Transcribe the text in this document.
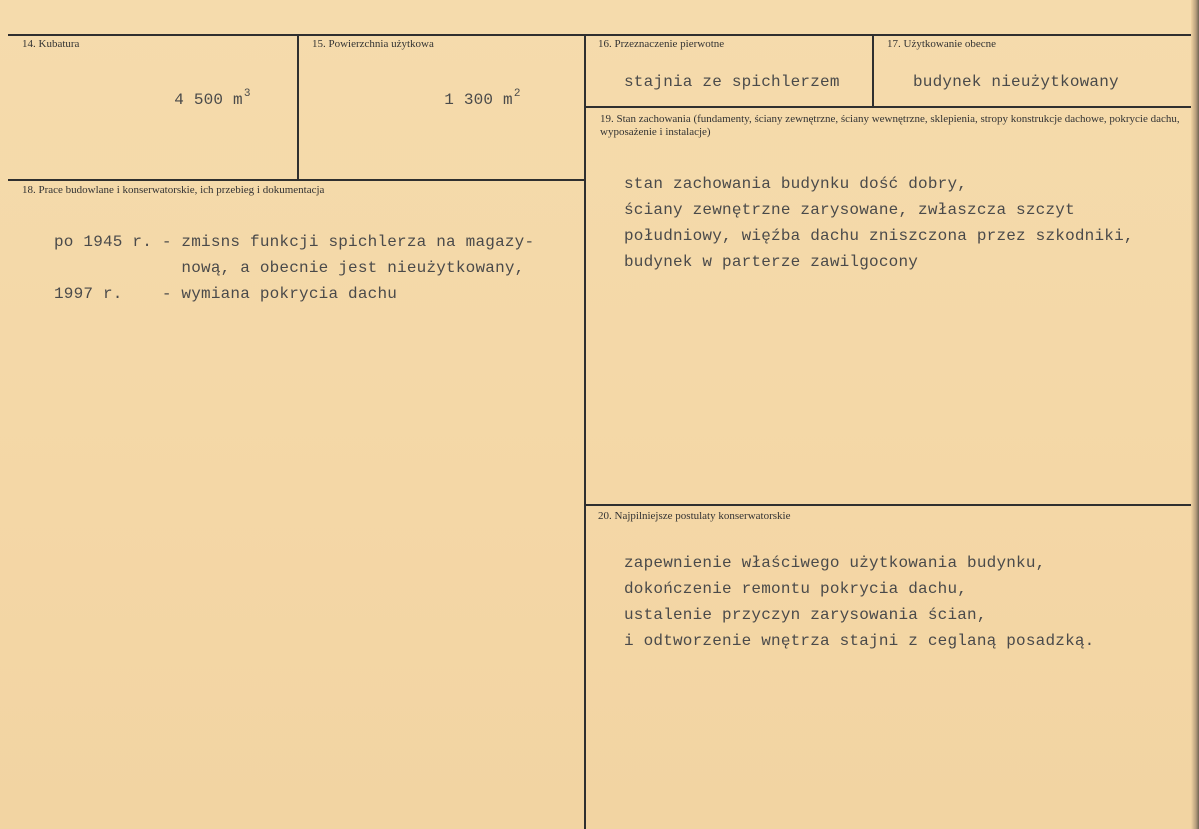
14. Kubatura

4 500 $m^3$

15. Powierzchnia użytkowa

1 300 $m^2$

16. Przeznaczenie pierwotne
stajnia ze spichlerzem
17. Użytkowanie obecne
budynek nieużytkowany
19. Stan zachowania (fundamenty, ściany zewnętrzne, ściany wewnętrzne, sklepienia, stropy konstrukcje dachowe, pokrycie dachu, wyposażenie i instalacje)
stan zachowania budynku dość dobry,
ściany zewnętrzne zarysowane, zwłaszcza szczyt
południowy, więźba dachu zniszczona przez szkodniki,
budynek w parterze zawilgocony
18. Prace budowlane i konserwatorskie, ich przebieg i dokumentacja
po 1945 r. - zmisns funkcji spichlerza na magazy-
nową, a obecnie jest nieużytkowany,
1997 r.    - wymiana pokrycia dachu
20. Najpilniejsze postulaty konserwatorskie
zapewnienie właściwego użytkowania budynku,
dokończenie remontu pokrycia dachu,
ustalenie przyczyn zarysowania ścian,
i odtworzenie wnętrza stajni z ceglaną posadzką.
